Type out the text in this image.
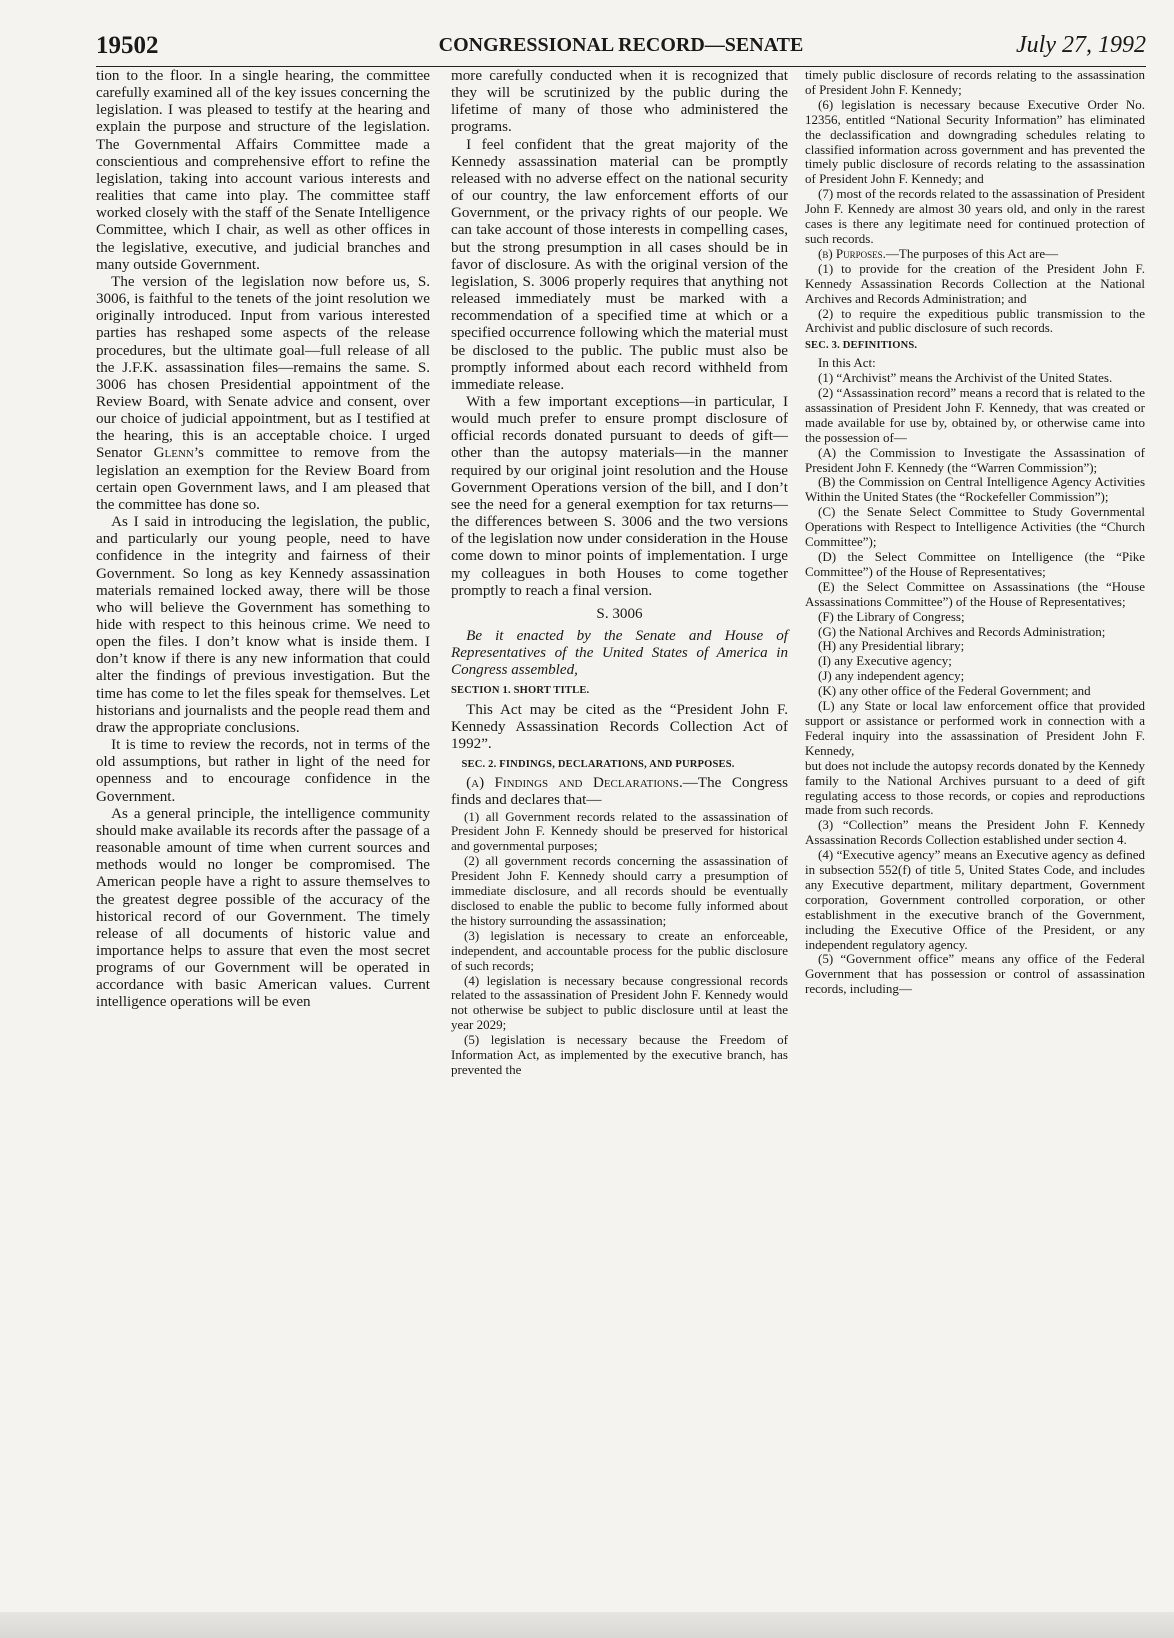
19502	CONGRESSIONAL RECORD—SENATE	July 27, 1992

tion to the floor. In a single hearing, the committee carefully examined all of the key issues concerning the legislation. I was pleased to testify at the hearing and explain the purpose and structure of the legislation. The Governmental Affairs Committee made a conscientious and comprehensive effort to refine the legislation, taking into account various interests and realities that came into play. The committee staff worked closely with the staff of the Senate Intelligence Committee, which I chair, as well as other offices in the legislative, executive, and judicial branches and many outside Government.

The version of the legislation now before us, S. 3006, is faithful to the tenets of the joint resolution we originally introduced. Input from various interested parties has reshaped some aspects of the release procedures, but the ultimate goal—full release of all the J.F.K. assassination files—remains the same. S. 3006 has chosen Presidential appointment of the Review Board, with Senate advice and consent, over our choice of judicial appointment, but as I testified at the hearing, this is an acceptable choice. I urged Senator Glenn’s committee to remove from the legislation an exemption for the Review Board from certain open Government laws, and I am pleased that the committee has done so.

As I said in introducing the legislation, the public, and particularly our young people, need to have confidence in the integrity and fairness of their Government. So long as key Kennedy assassination materials remained locked away, there will be those who will believe the Government has something to hide with respect to this heinous crime. We need to open the files. I don’t know what is inside them. I don’t know if there is any new information that could alter the findings of previous investigation. But the time has come to let the files speak for themselves. Let historians and journalists and the people read them and draw the appropriate conclusions.

It is time to review the records, not in terms of the old assumptions, but rather in light of the need for openness and to encourage confidence in the Government.

As a general principle, the intelligence community should make available its records after the passage of a reasonable amount of time when current sources and methods would no longer be compromised. The American people have a right to assure themselves to the greatest degree possible of the accuracy of the historical record of our Government. The timely release of all documents of historic value and importance helps to assure that even the most secret programs of our Government will be operated in accordance with basic American values. Current intelligence operations will be even

more carefully conducted when it is recognized that they will be scrutinized by the public during the lifetime of many of those who administered the programs.

I feel confident that the great majority of the Kennedy assassination material can be promptly released with no adverse effect on the national security of our country, the law enforcement efforts of our Government, or the privacy rights of our people. We can take account of those interests in compelling cases, but the strong presumption in all cases should be in favor of disclosure. As with the original version of the legislation, S. 3006 properly requires that anything not released immediately must be marked with a recommendation of a specified time at which or a specified occurrence following which the material must be disclosed to the public. The public must also be promptly informed about each record withheld from immediate release.

With a few important exceptions—in particular, I would much prefer to ensure prompt disclosure of official records donated pursuant to deeds of gift—other than the autopsy materials—in the manner required by our original joint resolution and the House Government Operations version of the bill, and I don’t see the need for a general exemption for tax returns—the differences between S. 3006 and the two versions of the legislation now under consideration in the House come down to minor points of implementation. I urge my colleagues in both Houses to come together promptly to reach a final version.

S. 3006

Be it enacted by the Senate and House of Representatives of the United States of America in Congress assembled,

SECTION 1. SHORT TITLE.

This Act may be cited as the “President John F. Kennedy Assassination Records Collection Act of 1992”.

SEC. 2. FINDINGS, DECLARATIONS, AND PURPOSES.

(a) Findings and Declarations.—The Congress finds and declares that—

(1) all Government records related to the assassination of President John F. Kennedy should be preserved for historical and governmental purposes;

(2) all government records concerning the assassination of President John F. Kennedy should carry a presumption of immediate disclosure, and all records should be eventually disclosed to enable the public to become fully informed about the history surrounding the assassination;

(3) legislation is necessary to create an enforceable, independent, and accountable process for the public disclosure of such records;

(4) legislation is necessary because congressional records related to the assassination of President John F. Kennedy would not otherwise be subject to public disclosure until at least the year 2029;

(5) legislation is necessary because the Freedom of Information Act, as implemented by the executive branch, has prevented the

timely public disclosure of records relating to the assassination of President John F. Kennedy;

(6) legislation is necessary because Executive Order No. 12356, entitled “National Security Information” has eliminated the declassification and downgrading schedules relating to classified information across government and has prevented the timely public disclosure of records relating to the assassination of President John F. Kennedy; and

(7) most of the records related to the assassination of President John F. Kennedy are almost 30 years old, and only in the rarest cases is there any legitimate need for continued protection of such records.

(b) Purposes.—The purposes of this Act are—

(1) to provide for the creation of the President John F. Kennedy Assassination Records Collection at the National Archives and Records Administration; and

(2) to require the expeditious public transmission to the Archivist and public disclosure of such records.

SEC. 3. DEFINITIONS.

In this Act:

(1) “Archivist” means the Archivist of the United States.

(2) “Assassination record” means a record that is related to the assassination of President John F. Kennedy, that was created or made available for use by, obtained by, or otherwise came into the possession of—

(A) the Commission to Investigate the Assassination of President John F. Kennedy (the “Warren Commission”);

(B) the Commission on Central Intelligence Agency Activities Within the United States (the “Rockefeller Commission”);

(C) the Senate Select Committee to Study Governmental Operations with Respect to Intelligence Activities (the “Church Committee”);

(D) the Select Committee on Intelligence (the “Pike Committee”) of the House of Representatives;

(E) the Select Committee on Assassinations (the “House Assassinations Committee”) of the House of Representatives;

(F) the Library of Congress;

(G) the National Archives and Records Administration;

(H) any Presidential library;

(I) any Executive agency;

(J) any independent agency;

(K) any other office of the Federal Government; and

(L) any State or local law enforcement office that provided support or assistance or performed work in connection with a Federal inquiry into the assassination of President John F. Kennedy,

but does not include the autopsy records donated by the Kennedy family to the National Archives pursuant to a deed of gift regulating access to those records, or copies and reproductions made from such records.

(3) “Collection” means the President John F. Kennedy Assassination Records Collection established under section 4.

(4) “Executive agency” means an Executive agency as defined in subsection 552(f) of title 5, United States Code, and includes any Executive department, military department, Government corporation, Government controlled corporation, or other establishment in the executive branch of the Government, including the Executive Office of the President, or any independent regulatory agency.

(5) “Government office” means any office of the Federal Government that has possession or control of assassination records, including—
